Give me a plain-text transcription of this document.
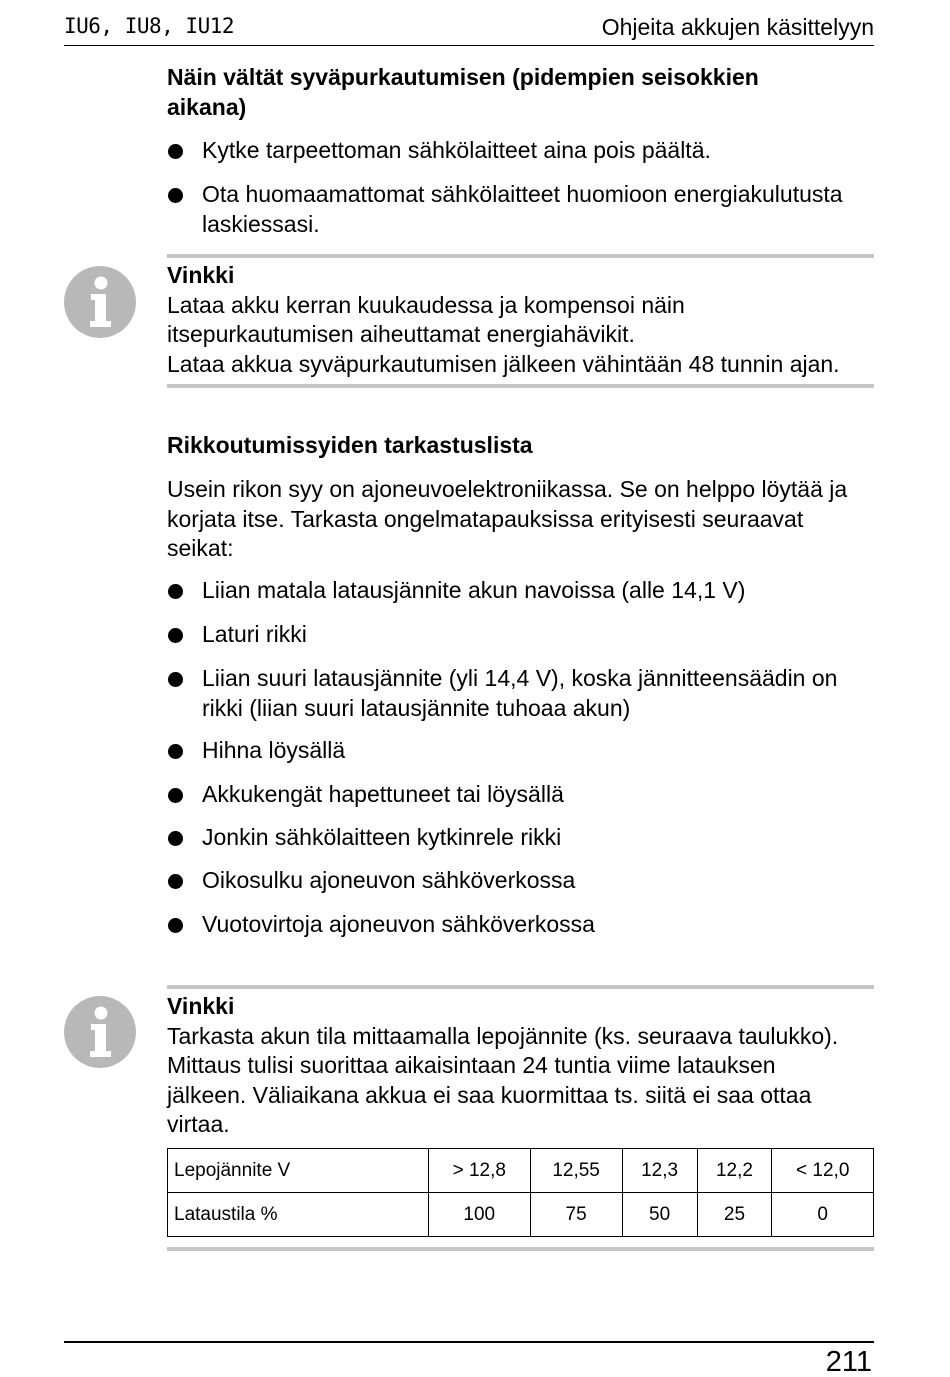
IU6, IU8, IU12	Ohjeita akkujen käsittelyyn
Näin vältät syväpurkautumisen (pidempien seisokkien
aikana)
Kytke tarpeettoman sähkölaitteet aina pois päältä.
Ota huomaamattomat sähkölaitteet huomioon energiakulutusta
laskiessasi.
Vinkki
Lataa akku kerran kuukaudessa ja kompensoi näin
itsepurkautumisen aiheuttamat energiahävikit.
Lataa akkua syväpurkautumisen jälkeen vähintään 48 tunnin ajan.
Rikkoutumissyiden tarkastuslista
Usein rikon syy on ajoneuvoelektroniikassa. Se on helppo löytää ja
korjata itse. Tarkasta ongelmatapauksissa erityisesti seuraavat
seikat:
Liian matala latausjännite akun navoissa (alle 14,1 V)
Laturi rikki
Liian suuri latausjännite (yli 14,4 V), koska jännitteensäädin on
rikki (liian suuri latausjännite tuhoaa akun)
Hihna löysällä
Akkukengät hapettuneet tai löysällä
Jonkin sähkölaitteen kytkinrele rikki
Oikosulku ajoneuvon sähköverkossa
Vuotovirtoja ajoneuvon sähköverkossa
Vinkki
Tarkasta akun tila mittaamalla lepojännite (ks. seuraava taulukko).
Mittaus tulisi suorittaa aikaisintaan 24 tuntia viime latauksen
jälkeen. Väliaikana akkua ei saa kuormittaa ts. siitä ei saa ottaa
virtaa.
Lepojännite V	> 12,8	12,55	12,3	12,2	< 12,0
Lataustila %	100	75	50	25	0
211
